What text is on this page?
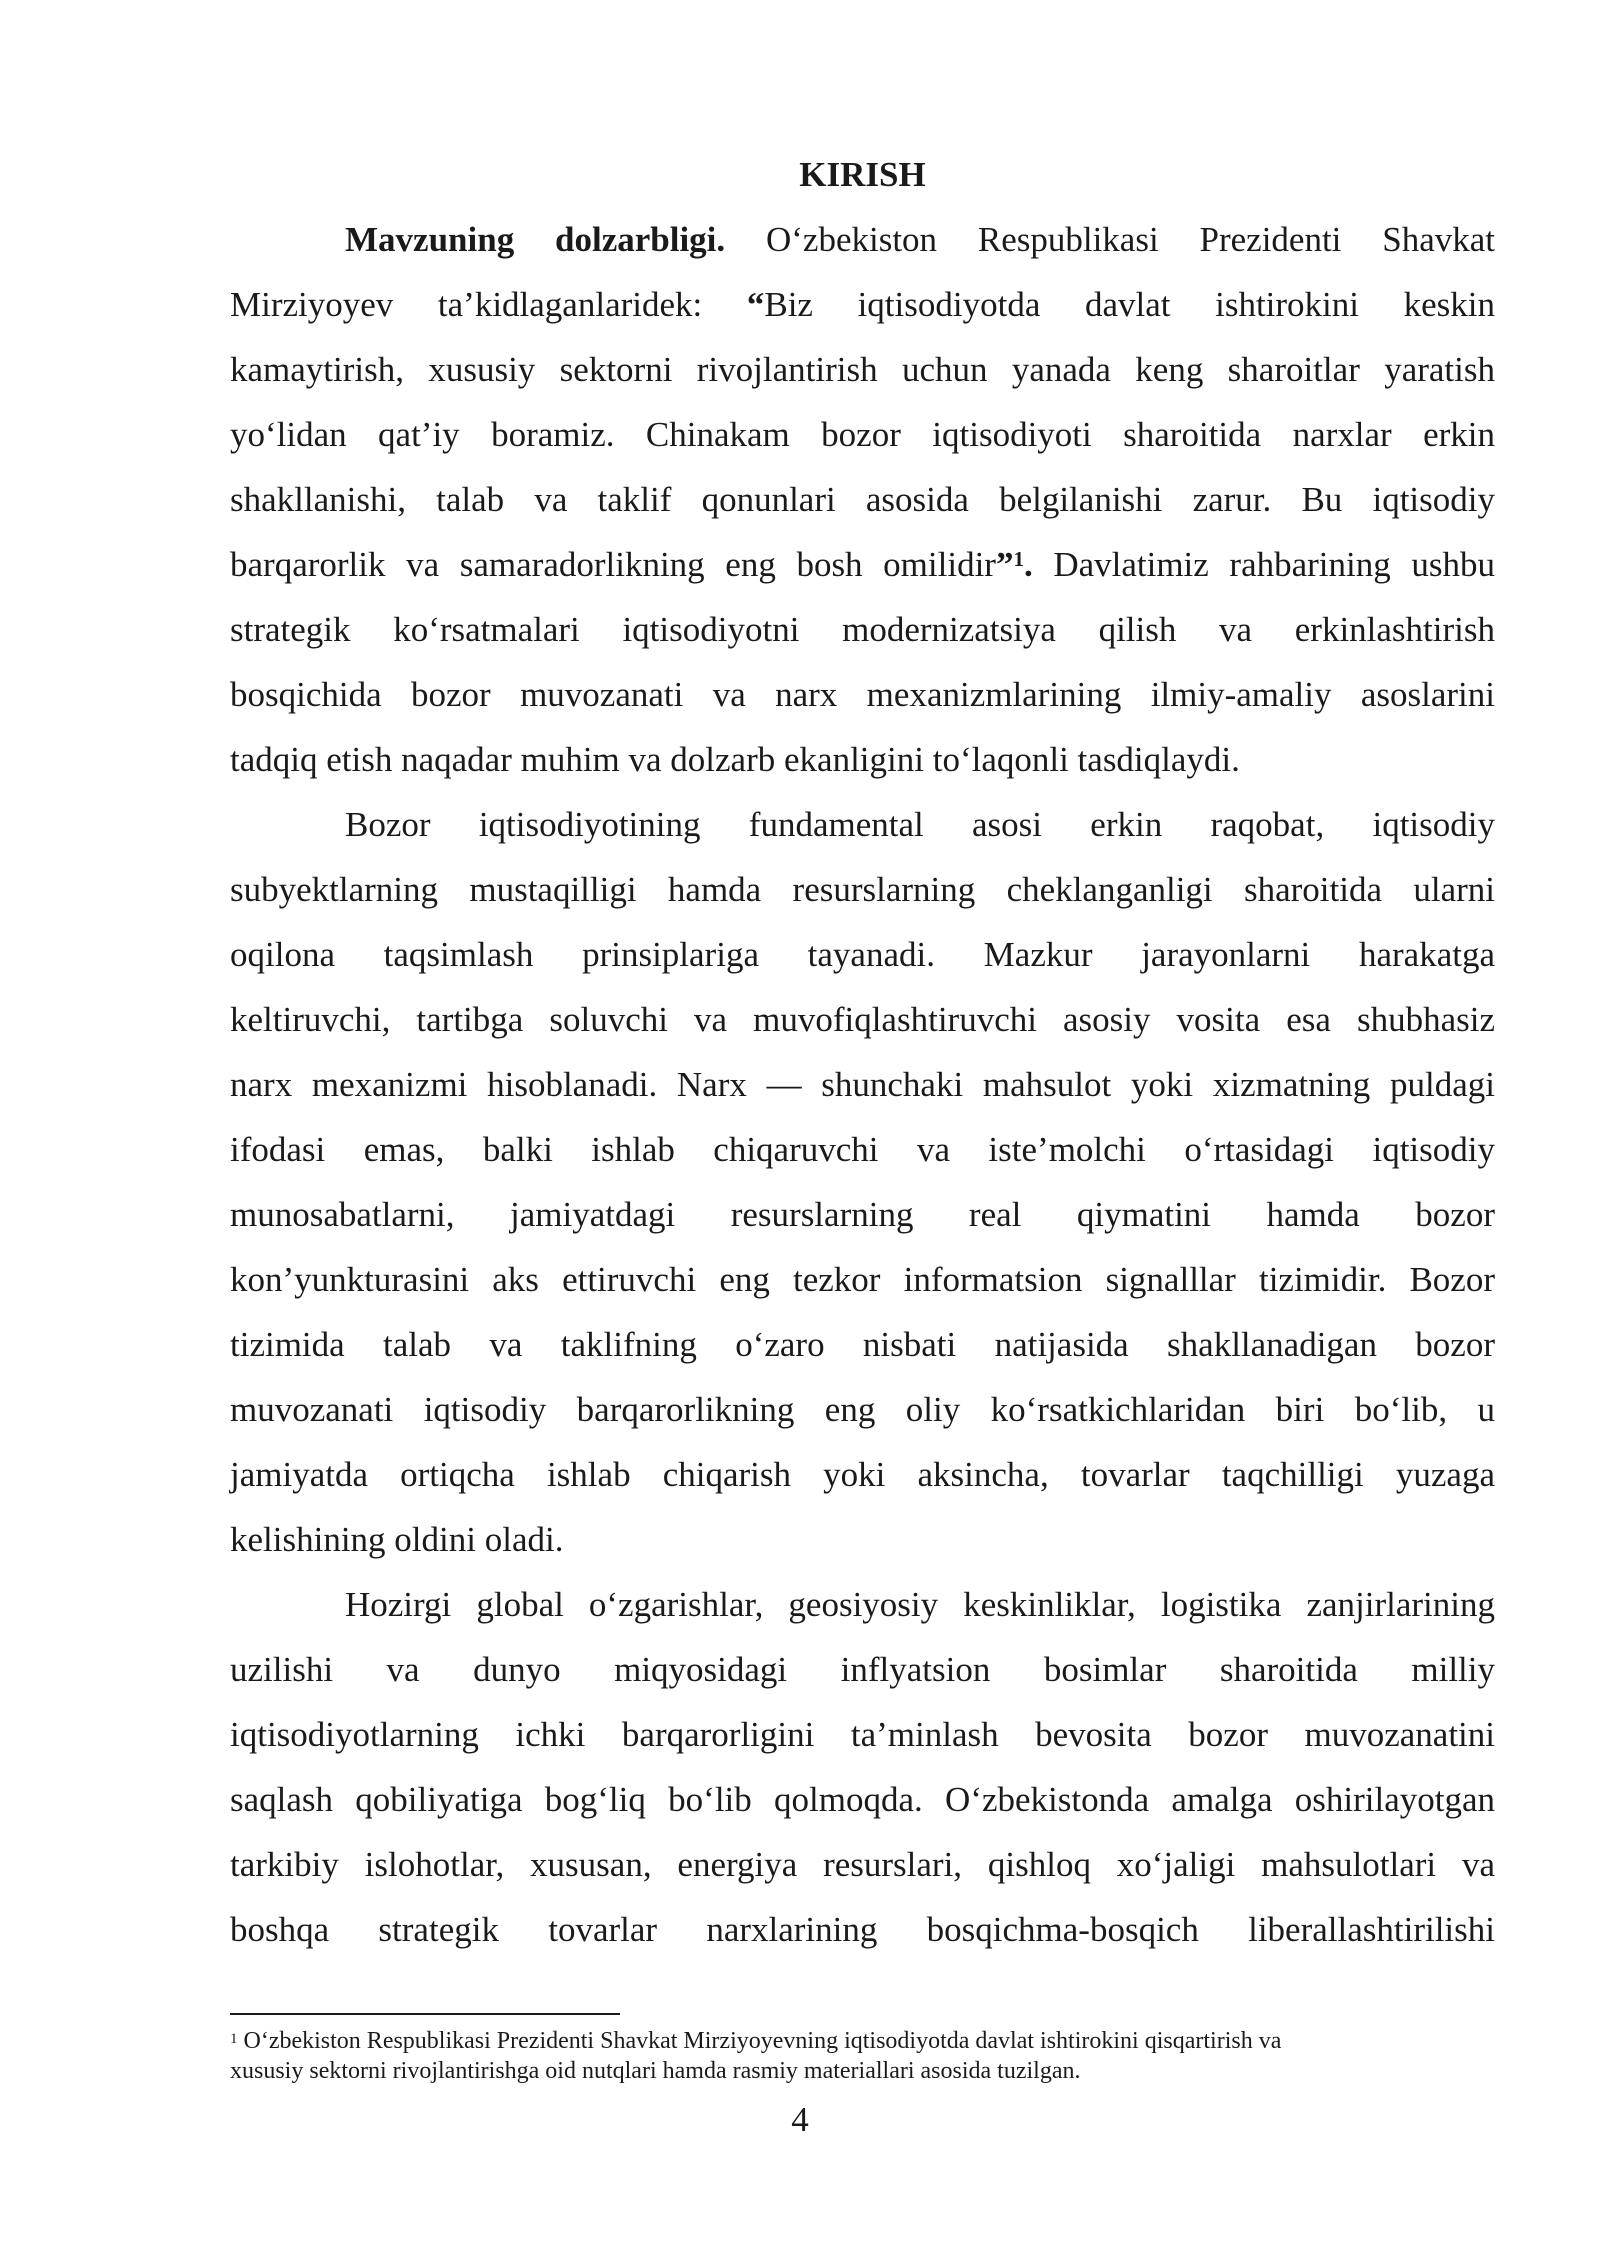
KIRISH
Mavzuning dolzarbligi. O‘zbekiston Respublikasi Prezidenti Shavkat
Mirziyoyev ta’kidlaganlaridek: “Biz iqtisodiyotda davlat ishtirokini keskin
kamaytirish, xususiy sektorni rivojlantirish uchun yanada keng sharoitlar yaratish
yo‘lidan qat’iy boramiz. Chinakam bozor iqtisodiyoti sharoitida narxlar erkin
shakllanishi, talab va taklif qonunlari asosida belgilanishi zarur. Bu iqtisodiy
barqarorlik va samaradorlikning eng bosh omilidir”$^1$. Davlatimiz rahbarining ushbu
strategik ko‘rsatmalari iqtisodiyotni modernizatsiya qilish va erkinlashtirish
bosqichida bozor muvozanati va narx mexanizmlarining ilmiy-amaliy asoslarini
tadqiq etish naqadar muhim va dolzarb ekanligini to‘laqonli tasdiqlaydi.
Bozor iqtisodiyotining fundamental asosi erkin raqobat, iqtisodiy
subyektlarning mustaqilligi hamda resurslarning cheklanganligi sharoitida ularni
oqilona taqsimlash prinsiplariga tayanadi. Mazkur jarayonlarni harakatga
keltiruvchi, tartibga soluvchi va muvofiqlashtiruvchi asosiy vosita esa shubhasiz
narx mexanizmi hisoblanadi. Narx — shunchaki mahsulot yoki xizmatning puldagi
ifodasi emas, balki ishlab chiqaruvchi va iste’molchi o‘rtasidagi iqtisodiy
munosabatlarni, jamiyatdagi resurslarning real qiymatini hamda bozor
kon’yunkturasini aks ettiruvchi eng tezkor informatsion signalllar tizimidir. Bozor
tizimida talab va taklifning o‘zaro nisbati natijasida shakllanadigan bozor
muvozanati iqtisodiy barqarorlikning eng oliy ko‘rsatkichlaridan biri bo‘lib, u
jamiyatda ortiqcha ishlab chiqarish yoki aksincha, tovarlar taqchilligi yuzaga
kelishining oldini oladi.
Hozirgi global o‘zgarishlar, geosiyosiy keskinliklar, logistika zanjirlarining
uzilishi va dunyo miqyosidagi inflyatsion bosimlar sharoitida milliy
iqtisodiyotlarning ichki barqarorligini ta’minlash bevosita bozor muvozanatini
saqlash qobiliyatiga bog‘liq bo‘lib qolmoqda. O‘zbekistonda amalga oshirilayotgan
tarkibiy islohotlar, xususan, energiya resurslari, qishloq xo‘jaligi mahsulotlari va
boshqa strategik tovarlar narxlarining bosqichma-bosqich liberallashtirilishi
$^1$ O‘zbekiston Respublikasi Prezidenti Shavkat Mirziyoyevning iqtisodiyotda davlat ishtirokini qisqartirish va
xususiy sektorni rivojlantirishga oid nutqlari hamda rasmiy materiallari asosida tuzilgan.
4
